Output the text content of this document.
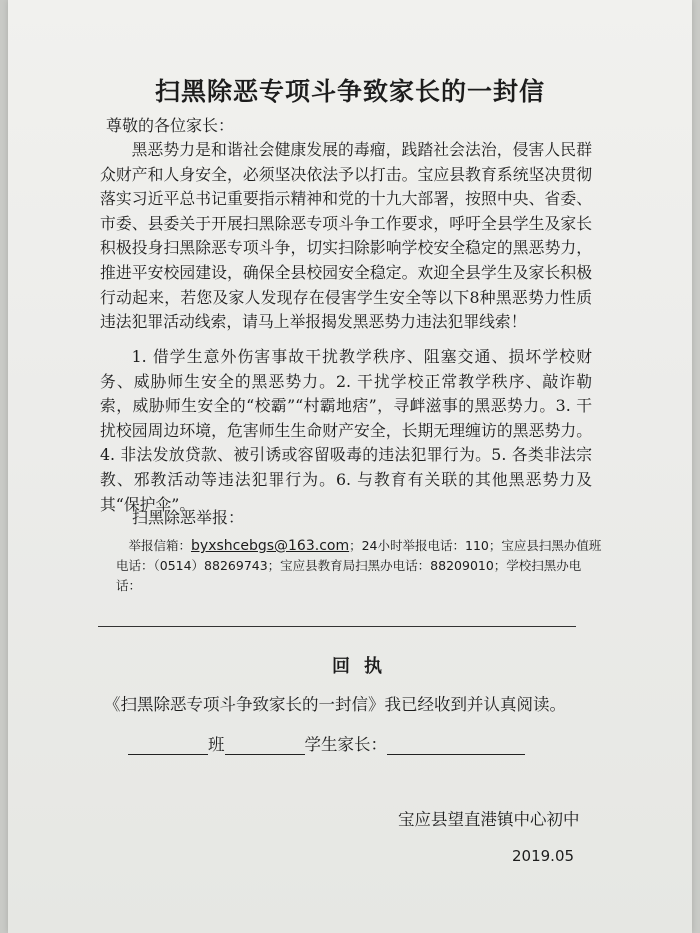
扫黑除恶专项斗争致家长的一封信
尊敬的各位家长：
黑恶势力是和谐社会健康发展的毒瘤，践踏社会法治，侵害人民群众财产和人身安全，必须坚决依法予以打击。宝应县教育系统坚决贯彻落实习近平总书记重要指示精神和党的十九大部署，按照中央、省委、市委、县委关于开展扫黑除恶专项斗争工作要求，呼吁全县学生及家长积极投身扫黑除恶专项斗争，切实扫除影响学校安全稳定的黑恶势力，推进平安校园建设，确保全县校园安全稳定。欢迎全县学生及家长积极行动起来，若您及家人发现存在侵害学生安全等以下8种黑恶势力性质违法犯罪活动线索，请马上举报揭发黑恶势力违法犯罪线索！
1. 借学生意外伤害事故干扰教学秩序、阻塞交通、损坏学校财务、威胁师生安全的黑恶势力。2. 干扰学校正常教学秩序、敲诈勒索，威胁师生安全的“校霸”“村霸地痞”，寻衅滋事的黑恶势力。3. 干扰校园周边环境，危害师生生命财产安全，长期无理缠访的黑恶势力。4. 非法发放贷款、被引诱或容留吸毒的违法犯罪行为。5. 各类非法宗教、邪教活动等违法犯罪行为。6. 与教育有关联的其他黑恶势力及其“保护伞”。
扫黑除恶举报：
举报信箱：byxshcebgs@163.com；24小时举报电话：110；宝应县扫黑办值班电话：（0514）88269743；宝应县教育局扫黑办电话：88209010；学校扫黑办电话：
回执
《扫黑除恶专项斗争致家长的一封信》我已经收到并认真阅读。
班	学生家长：
宝应县望直港镇中心初中
2019.05
